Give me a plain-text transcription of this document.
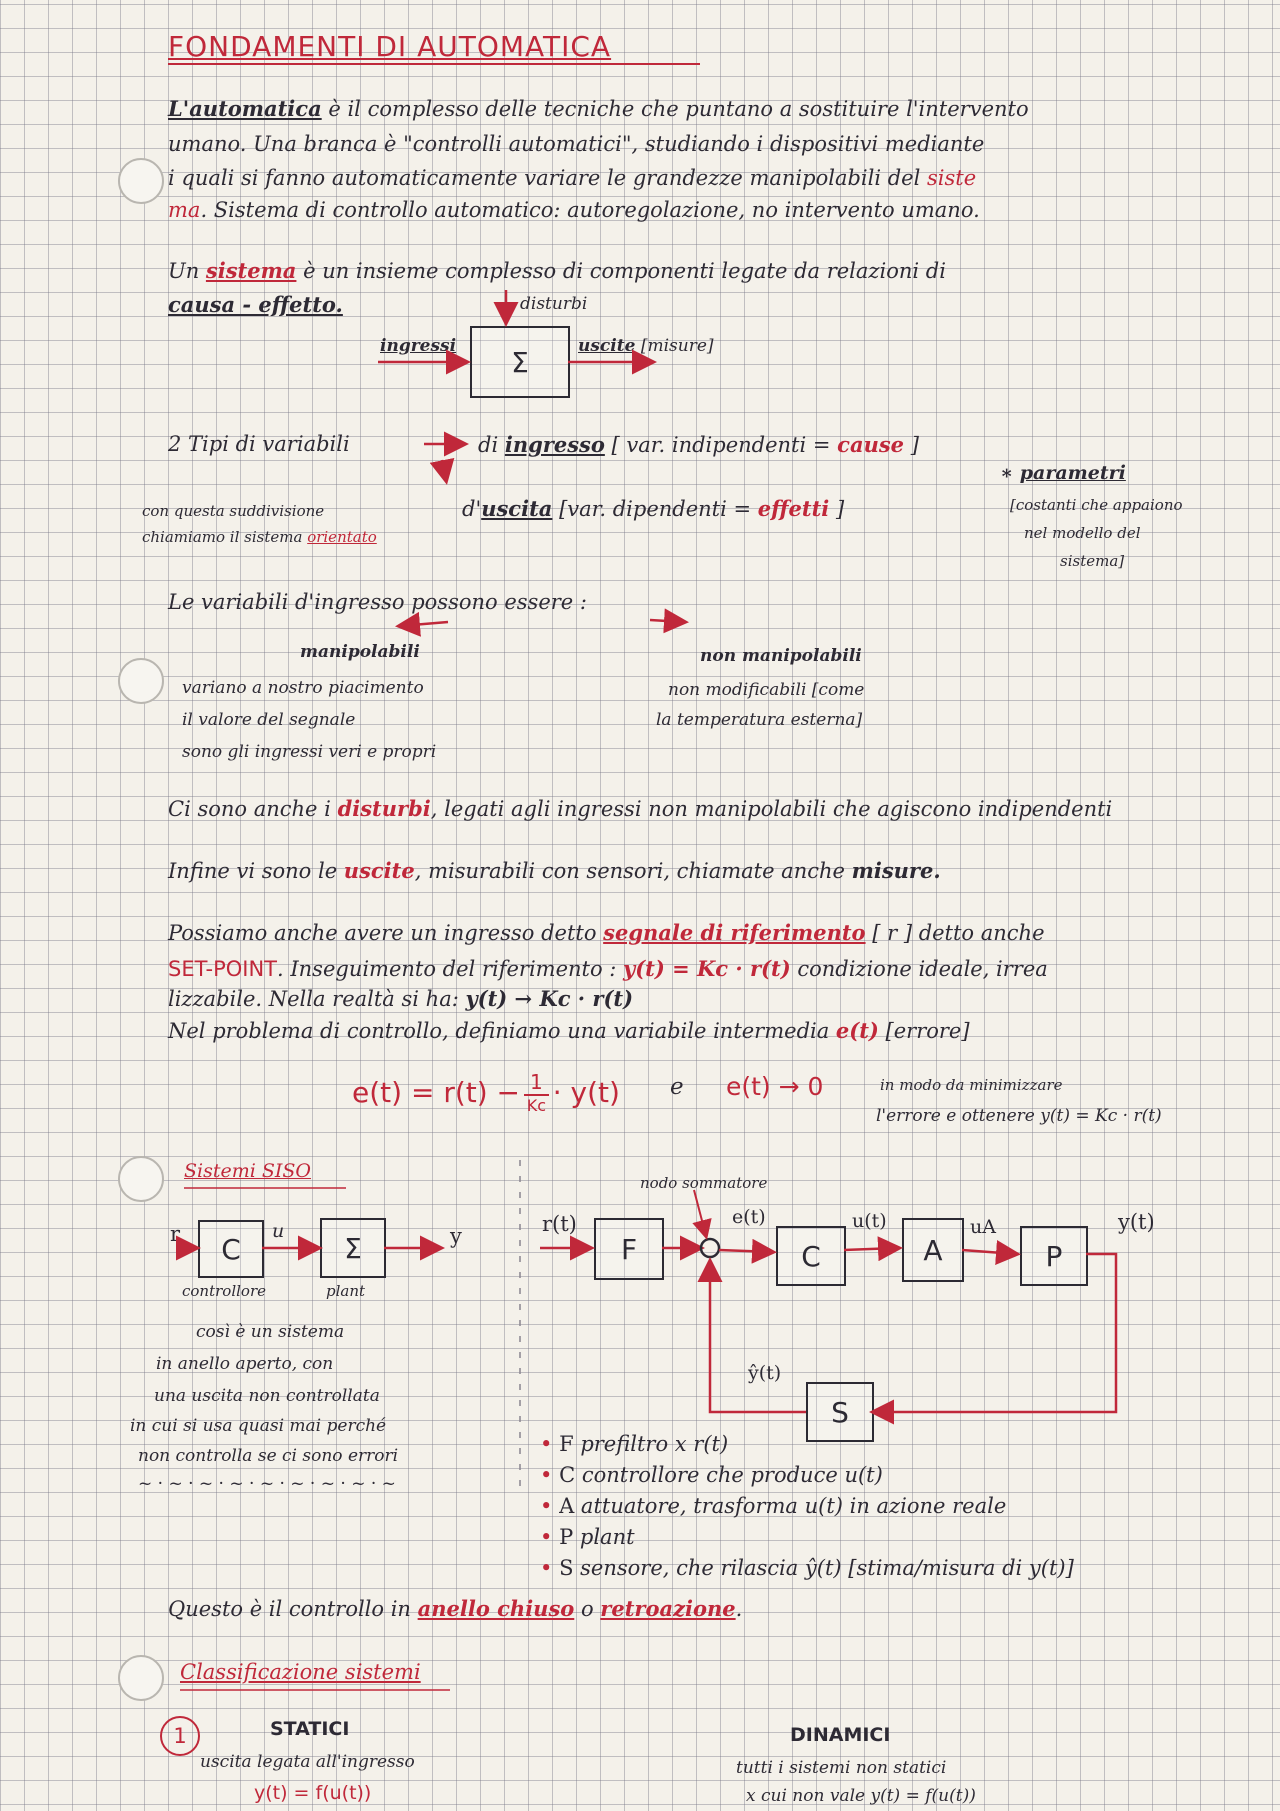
FONDAMENTI DI AUTOMATICA
L'automatica è il complesso delle tecniche che puntano a sostituire l'intervento
umano. Una branca è "controlli automatici", studiando i dispositivi mediante
i quali si fanno automaticamente variare le grandezze manipolabili del siste
ma. Sistema di controllo automatico: autoregolazione, no intervento umano.
Un sistema è un insieme complesso di componenti legate da relazioni di
causa - effetto.	disturbi
ingressi Σ	uscite [misure]
2 Tipi di variabili	di ingresso [ var. indipendenti = cause ]
d'uscita [var. dipendenti = effetti ]
con questa suddivisione
chiamiamo il sistema orientato
∗ parametri
[costanti che appaiono
nel modello del
sistema]
Le variabili d'ingresso possono essere :
manipolabili
variano a nostro piacimento
il valore del segnale
sono gli ingressi veri e propri
non manipolabili
non modificabili [come
la temperatura esterna]
Ci sono anche i disturbi, legati agli ingressi non manipolabili che agiscono indipendenti
Infine vi sono le uscite, misurabili con sensori, chiamate anche misure.
Possiamo anche avere un ingresso detto segnale di riferimento [ r ] detto anche
SET-POINT. Inseguimento del riferimento : y(t) = Kc · r(t) condizione ideale, irrea
lizzabile. Nella realtà si ha: y(t) → Kc · r(t)
Nel problema di controllo, definiamo una variabile intermedia e(t) [errore]
e(t) = r(t) − 1
Kc · y(t) e e(t) → 0	in modo da minimizzare
l'errore e ottenere y(t) = Kc · r(t)
Sistemi SISO
r C
u
Σ	y
controllore	plant
così è un sistema
in anello aperto, con
una uscita non controllata
in cui si usa quasi mai perché
non controlla se ci sono errori
~ · ~ · ~ · ~ · ~ · ~ · ~ · ~ · ~
nodo sommatore
r(t)
F
e(t)
C
u(t)
A
uA
P
y(t)
S
ŷ(t)
• F prefiltro x r(t)
• C controllore che produce u(t)
• A attuatore, trasforma u(t) in azione reale
• P plant
• S sensore, che rilascia ŷ(t) [stima/misura di y(t)]
Questo è il controllo in anello chiuso o retroazione.
Classificazione sistemi
1	STATICI
uscita legata all'ingresso
y(t) = f(u(t))
DINAMICI
tutti i sistemi non statici
x cui non vale y(t) = f(u(t))
